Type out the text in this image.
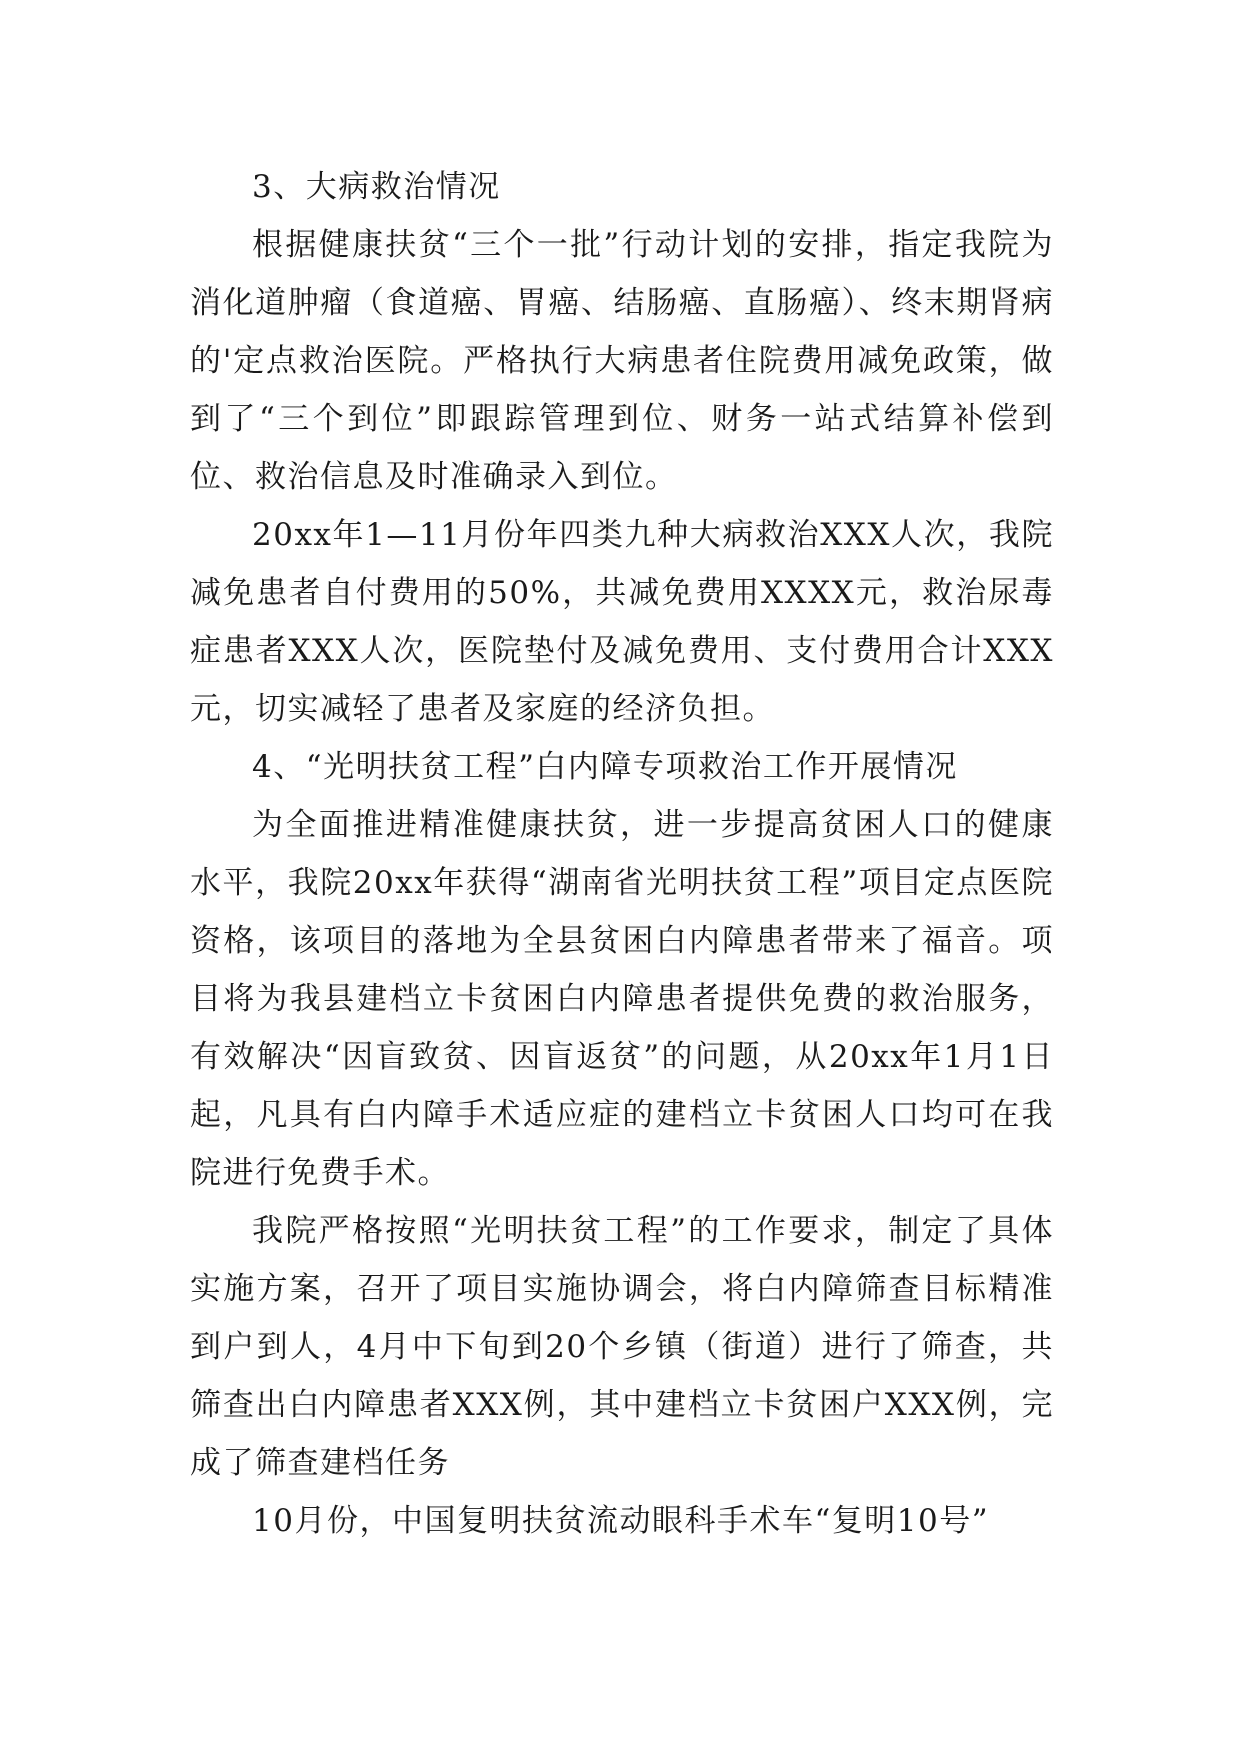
3、大病救治情况

根据健康扶贫“三个一批”行动计划的安排，指定我院为消化道肿瘤（食道癌、胃癌、结肠癌、直肠癌）、终末期肾病的'定点救治医院。严格执行大病患者住院费用减免政策，做到了“三个到位”即跟踪管理到位、财务一站式结算补偿到位、救治信息及时准确录入到位。

20xx年1—11月份年四类九种大病救治XXX人次，我院减免患者自付费用的50%，共减免费用XXXX元，救治尿毒症患者XXX人次，医院垫付及减免费用、支付费用合计XXX元，切实减轻了患者及家庭的经济负担。

4、“光明扶贫工程”白内障专项救治工作开展情况

为全面推进精准健康扶贫，进一步提高贫困人口的健康水平，我院20xx年获得“湖南省光明扶贫工程”项目定点医院资格，该项目的落地为全县贫困白内障患者带来了福音。项目将为我县建档立卡贫困白内障患者提供免费的救治服务，有效解决“因盲致贫、因盲返贫”的问题，从20xx年1月1日起，凡具有白内障手术适应症的建档立卡贫困人口均可在我院进行免费手术。

我院严格按照“光明扶贫工程”的工作要求，制定了具体实施方案，召开了项目实施协调会，将白内障筛查目标精准到户到人，4月中下旬到20个乡镇（街道）进行了筛查，共筛查出白内障患者XXX例，其中建档立卡贫困户XXX例，完成了筛查建档任务

10月份，中国复明扶贫流动眼科手术车“复明10号”
